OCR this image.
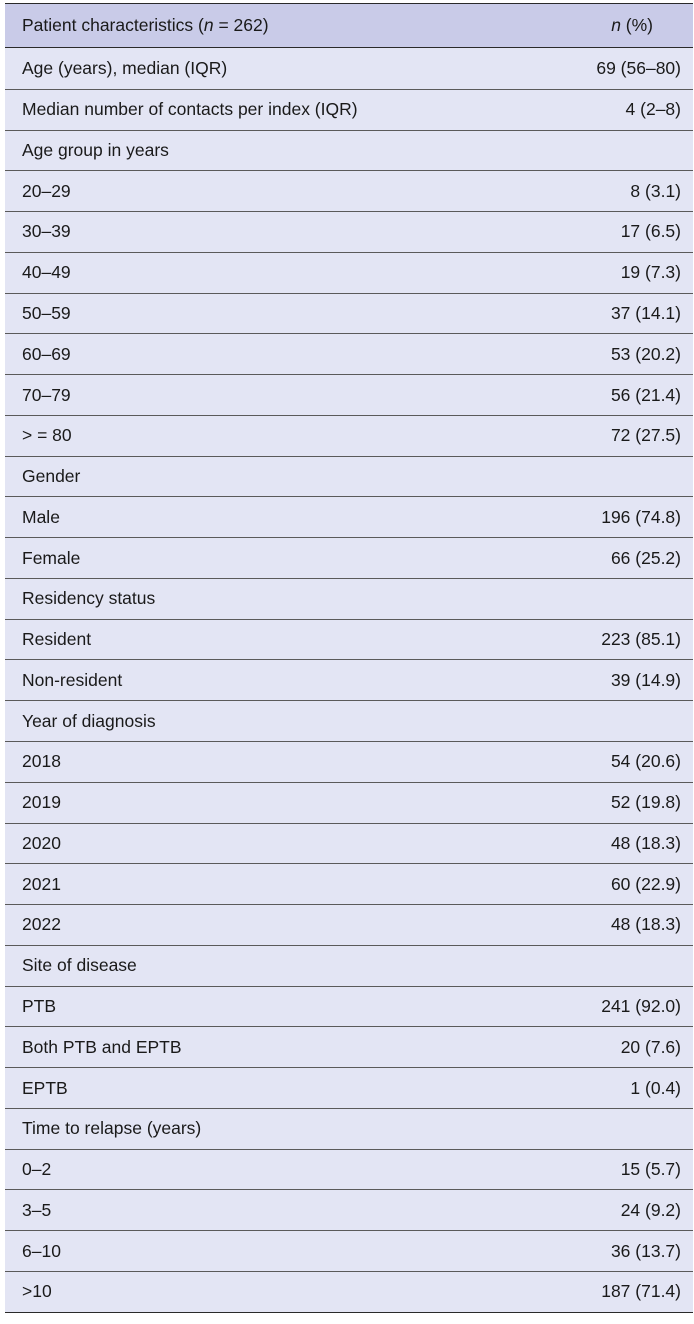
Patient characteristics (n = 262)	n (%)
Age (years), median (IQR)	69 (56–80)
Median number of contacts per index (IQR)	4 (2–8)
Age group in years
20–29	8 (3.1)
30–39	17 (6.5)
40–49	19 (7.3)
50–59	37 (14.1)
60–69	53 (20.2)
70–79	56 (21.4)
> = 80	72 (27.5)
Gender
Male	196 (74.8)
Female	66 (25.2)
Residency status
Resident	223 (85.1)
Non-resident	39 (14.9)
Year of diagnosis
2018	54 (20.6)
2019	52 (19.8)
2020	48 (18.3)
2021	60 (22.9)
2022	48 (18.3)
Site of disease
PTB	241 (92.0)
Both PTB and EPTB	20 (7.6)
EPTB	1 (0.4)
Time to relapse (years)
0–2	15 (5.7)
3–5	24 (9.2)
6–10	36 (13.7)
>10	187 (71.4)
